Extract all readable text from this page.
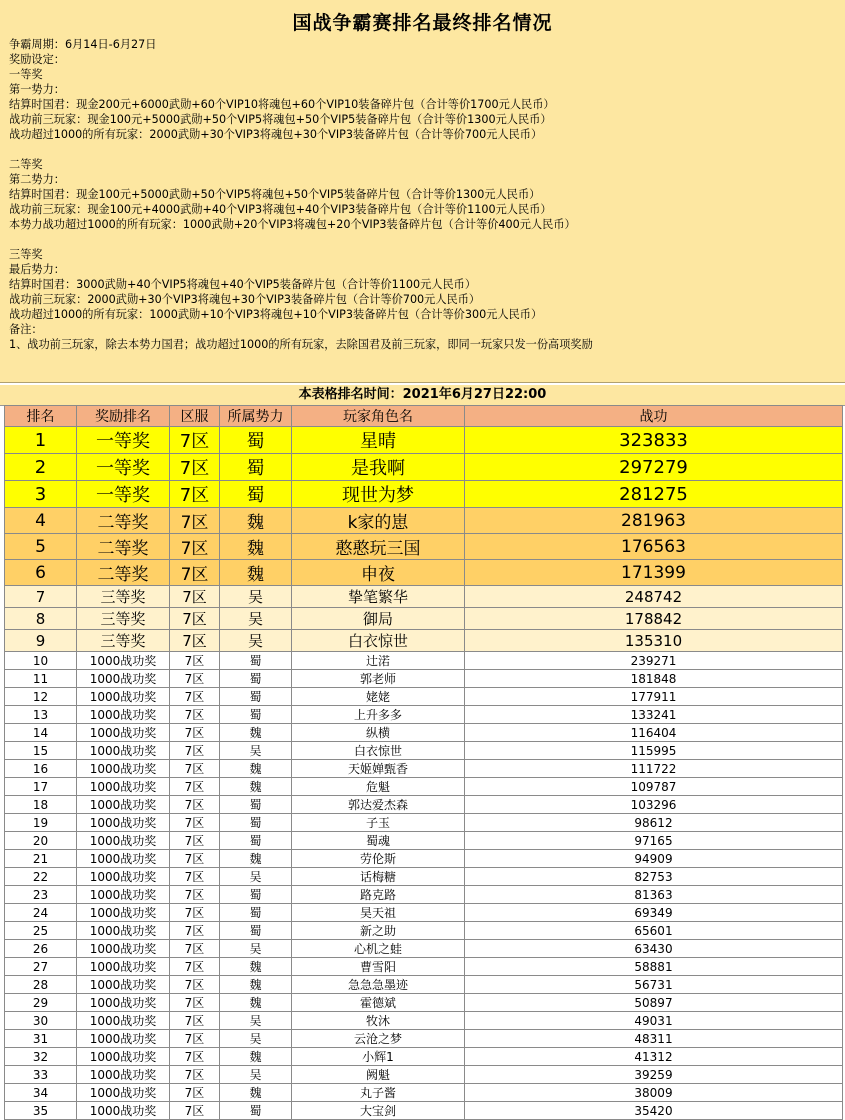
国战争霸赛排名最终排名情况
争霸周期：6月14日-6月27日
奖励设定：
一等奖
第一势力：
结算时国君：现金200元+6000武勋+60个VIP10将魂包+60个VIP10装备碎片包（合计等价1700元人民币）
战功前三玩家：现金100元+5000武勋+50个VIP5将魂包+50个VIP5装备碎片包（合计等价1300元人民币）
战功超过1000的所有玩家：2000武勋+30个VIP3将魂包+30个VIP3装备碎片包（合计等价700元人民币）
二等奖
第二势力：
结算时国君：现金100元+5000武勋+50个VIP5将魂包+50个VIP5装备碎片包（合计等价1300元人民币）
战功前三玩家：现金100元+4000武勋+40个VIP3将魂包+40个VIP3装备碎片包（合计等价1100元人民币）
本势力战功超过1000的所有玩家：1000武勋+20个VIP3将魂包+20个VIP3装备碎片包（合计等价400元人民币）
三等奖
最后势力：
结算时国君：3000武勋+40个VIP5将魂包+40个VIP5装备碎片包（合计等价1100元人民币）
战功前三玩家：2000武勋+30个VIP3将魂包+30个VIP3装备碎片包（合计等价700元人民币）
战功超过1000的所有玩家：1000武勋+10个VIP3将魂包+10个VIP3装备碎片包（合计等价300元人民币）
备注：
1、战功前三玩家，除去本势力国君；战功超过1000的所有玩家，去除国君及前三玩家，即同一玩家只发一份高项奖励
本表格排名时间：2021年6月27日22:00
排名	奖励排名	区服	所属势力	玩家角色名	战功
1	一等奖	7区	蜀	星晴	323833
2	一等奖	7区	蜀	是我啊	297279
3	一等奖	7区	蜀	现世为梦	281275
4	二等奖	7区	魏	k家的崽	281963
5	二等奖	7区	魏	憨憨玩三国	176563
6	二等奖	7区	魏	申夜	171399
7	三等奖	7区	吴	挚笔繁华	248742
8	三等奖	7区	吴	御局	178842
9	三等奖	7区	吴	白衣惊世	135310
10	1000战功奖	7区	蜀	辻渃	239271
11	1000战功奖	7区	蜀	郭老师	181848
12	1000战功奖	7区	蜀	姥姥	177911
13	1000战功奖	7区	蜀	上升多多	133241
14	1000战功奖	7区	魏	纵横	116404
15	1000战功奖	7区	吴	白衣惊世	115995
16	1000战功奖	7区	魏	天姬婵甄香	111722
17	1000战功奖	7区	魏	危魁	109787
18	1000战功奖	7区	蜀	郭达爱杰森	103296
19	1000战功奖	7区	蜀	子玉	98612
20	1000战功奖	7区	蜀	蜀魂	97165
21	1000战功奖	7区	魏	劳伦斯	94909
22	1000战功奖	7区	吴	话梅糖	82753
23	1000战功奖	7区	蜀	路克路	81363
24	1000战功奖	7区	蜀	昊天祖	69349
25	1000战功奖	7区	蜀	新之助	65601
26	1000战功奖	7区	吴	心机之蛙	63430
27	1000战功奖	7区	魏	曹雪阳	58881
28	1000战功奖	7区	魏	急急急墨迹	56731
29	1000战功奖	7区	魏	霍德斌	50897
30	1000战功奖	7区	吴	牧沐	49031
31	1000战功奖	7区	吴	云沧之梦	48311
32	1000战功奖	7区	魏	小辉1	41312
33	1000战功奖	7区	吴	阙魁	39259
34	1000战功奖	7区	魏	丸子酱	38009
35	1000战功奖	7区	蜀	大宝剑	35420
